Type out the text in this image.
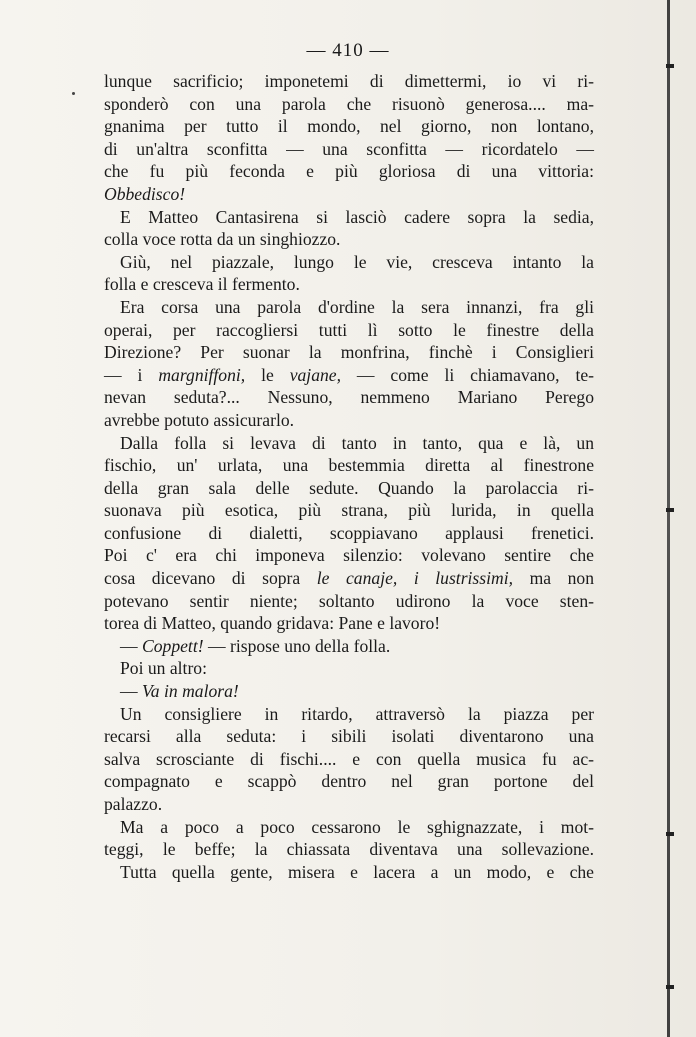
— 410 —
lunque sacrificio; imponetemi di dimettermi, io vi ri-
sponderò con una parola che risuonò generosa.... ma-
gnanima per tutto il mondo, nel giorno, non lontano,
di un'altra sconfitta — una sconfitta — ricordatelo —
che fu più feconda e più gloriosa di una vittoria:
Obbedisco!
E Matteo Cantasirena si lasciò cadere sopra la sedia,
colla voce rotta da un singhiozzo.
Giù, nel piazzale, lungo le vie, cresceva intanto la
folla e cresceva il fermento.
Era corsa una parola d'ordine la sera innanzi, fra gli
operai, per raccogliersi tutti lì sotto le finestre della
Direzione? Per suonar la monfrina, finchè i Consiglieri
— i margniffoni, le vajane, — come li chiamavano, te-
nevan seduta?... Nessuno, nemmeno Mariano Perego
avrebbe potuto assicurarlo.
Dalla folla si levava di tanto in tanto, qua e là, un
fischio, un' urlata, una bestemmia diretta al finestrone
della gran sala delle sedute. Quando la parolaccia ri-
suonava più esotica, più strana, più lurida, in quella
confusione di dialetti, scoppiavano applausi frenetici.
Poi c' era chi imponeva silenzio: volevano sentire che
cosa dicevano di sopra le canaje, i lustrissimi, ma non
potevano sentir niente; soltanto udirono la voce sten-
torea di Matteo, quando gridava: Pane e lavoro!
— Coppett! — rispose uno della folla.
Poi un altro:
— Va in malora!
Un consigliere in ritardo, attraversò la piazza per
recarsi alla seduta: i sibili isolati diventarono una
salva scrosciante di fischi.... e con quella musica fu ac-
compagnato e scappò dentro nel gran portone del
palazzo.
Ma a poco a poco cessarono le sghignazzate, i mot-
teggi, le beffe; la chiassata diventava una sollevazione.
Tutta quella gente, misera e lacera a un modo, e che
